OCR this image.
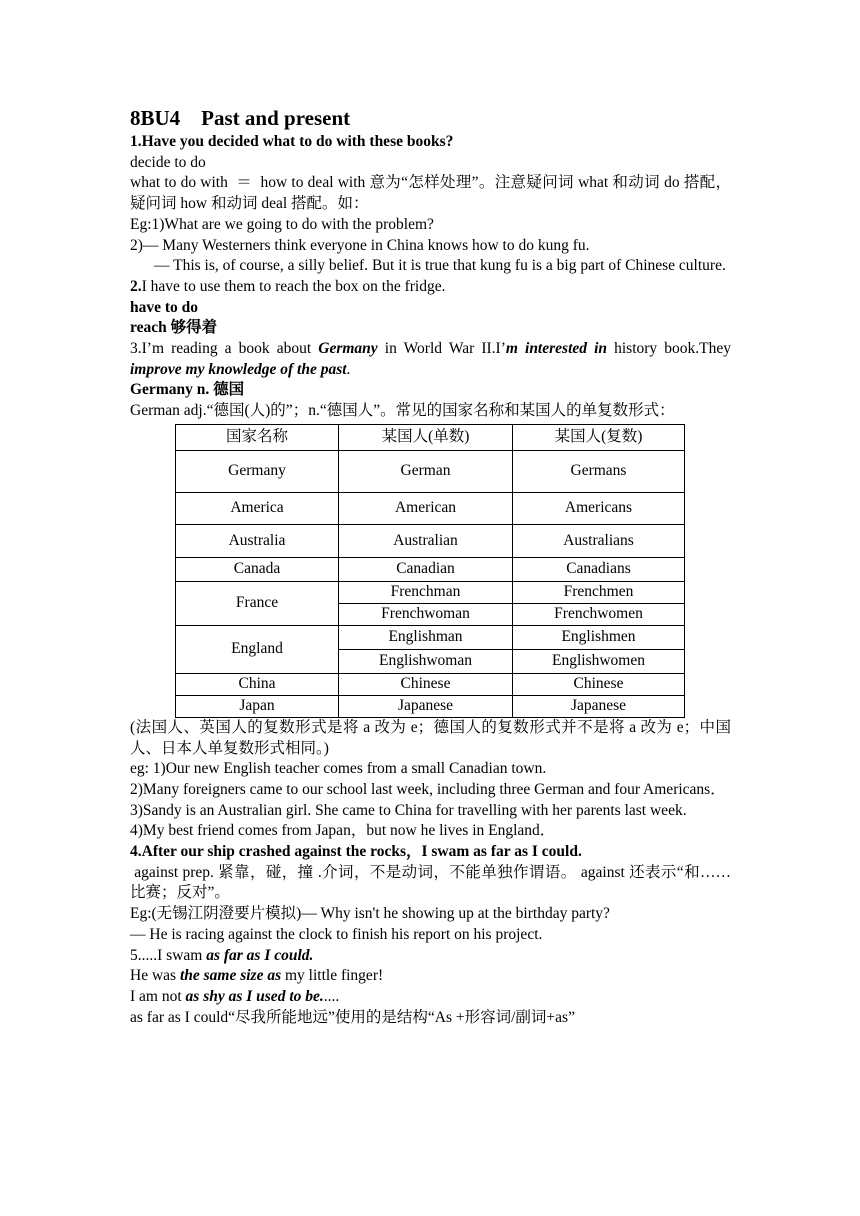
8BU4 Past and present
1.Have you decided what to do with these books?
decide to do
what to do with  ＝  how to deal with 意为“怎样处理”。注意疑问词 what 和动词 do 搭配，疑问词 how 和动词 deal 搭配。如：
Eg:1)What are we going to do with the problem?
2)— Many Westerners think everyone in China knows how to do kung fu.
— This is, of course, a silly belief. But it is true that kung fu is a big part of Chinese culture.
2.I have to use them to reach the box on the fridge.
have to do
reach 够得着
3.I’m reading a book about Germany in World War II.I’m interested in history book.They improve my knowledge of the past.
Germany n. 德国
German adj.“德国(人)的”；n.“德国人”。常见的国家名称和某国人的单复数形式：
国家名称	某国人(单数)	某国人(复数)
Germany	German	Germans
America	American	Americans
Australia	Australian	Australians
Canada	Canadian	Canadians
France	Frenchman	Frenchmen
	Frenchwoman	Frenchwomen
England	Englishman	Englishmen
	Englishwoman	Englishwomen
China	Chinese	Chinese
Japan	Japanese	Japanese
(法国人、英国人的复数形式是将 a 改为 e；德国人的复数形式并不是将 a 改为 e；中国人、日本人单复数形式相同。)
eg: 1)Our new English teacher comes from a small Canadian town.
2)Many foreigners came to our school last week, including three German and four Americans．
3)Sandy is an Australian girl. She came to China for travelling with her parents last week.
4)My best friend comes from Japan，but now he lives in England．
4.After our ship crashed against the rocks，I swam as far as I could.
against prep. 紧靠，碰，撞 .介词，不是动词，不能单独作谓语。 against 还表示“和……比赛；反对”。
Eg:(无锡江阴澄要片模拟)— Why isn't he showing up at the birthday party?
— He is racing against the clock to finish his report on his project.
5.....I swam as far as I could.
He was the same size as my little finger!
I am not as shy as I used to be.....
as far as I could“尽我所能地远”使用的是结构“As +形容词/副词+as”
